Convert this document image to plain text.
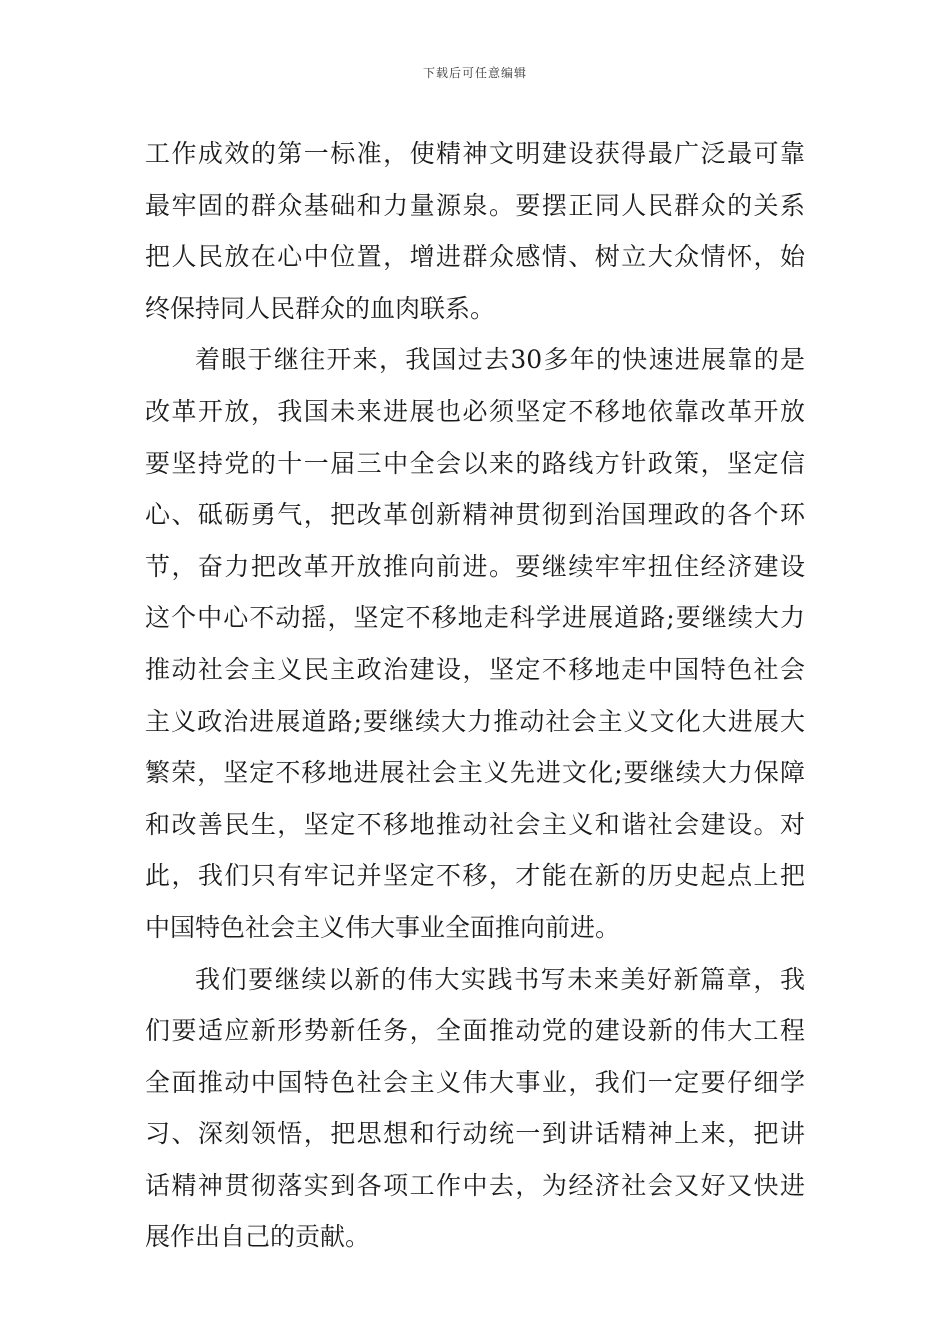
下载后可任意编辑
工作成效的第一标准，使精神文明建设获得最广泛最可靠
最牢固的群众基础和力量源泉。要摆正同人民群众的关系
把人民放在心中位置，增进群众感情、树立大众情怀，始
终保持同人民群众的血肉联系。
着眼于继往开来，我国过去30多年的快速进展靠的是
改革开放，我国未来进展也必须坚定不移地依靠改革开放
要坚持党的十一届三中全会以来的路线方针政策，坚定信
心、砥砺勇气，把改革创新精神贯彻到治国理政的各个环
节，奋力把改革开放推向前进。要继续牢牢扭住经济建设
这个中心不动摇，坚定不移地走科学进展道路;要继续大力
推动社会主义民主政治建设，坚定不移地走中国特色社会
主义政治进展道路;要继续大力推动社会主义文化大进展大
繁荣，坚定不移地进展社会主义先进文化;要继续大力保障
和改善民生，坚定不移地推动社会主义和谐社会建设。对
此，我们只有牢记并坚定不移，才能在新的历史起点上把
中国特色社会主义伟大事业全面推向前进。
我们要继续以新的伟大实践书写未来美好新篇章，我
们要适应新形势新任务，全面推动党的建设新的伟大工程
全面推动中国特色社会主义伟大事业，我们一定要仔细学
习、深刻领悟，把思想和行动统一到讲话精神上来，把讲
话精神贯彻落实到各项工作中去，为经济社会又好又快进
展作出自己的贡献。
